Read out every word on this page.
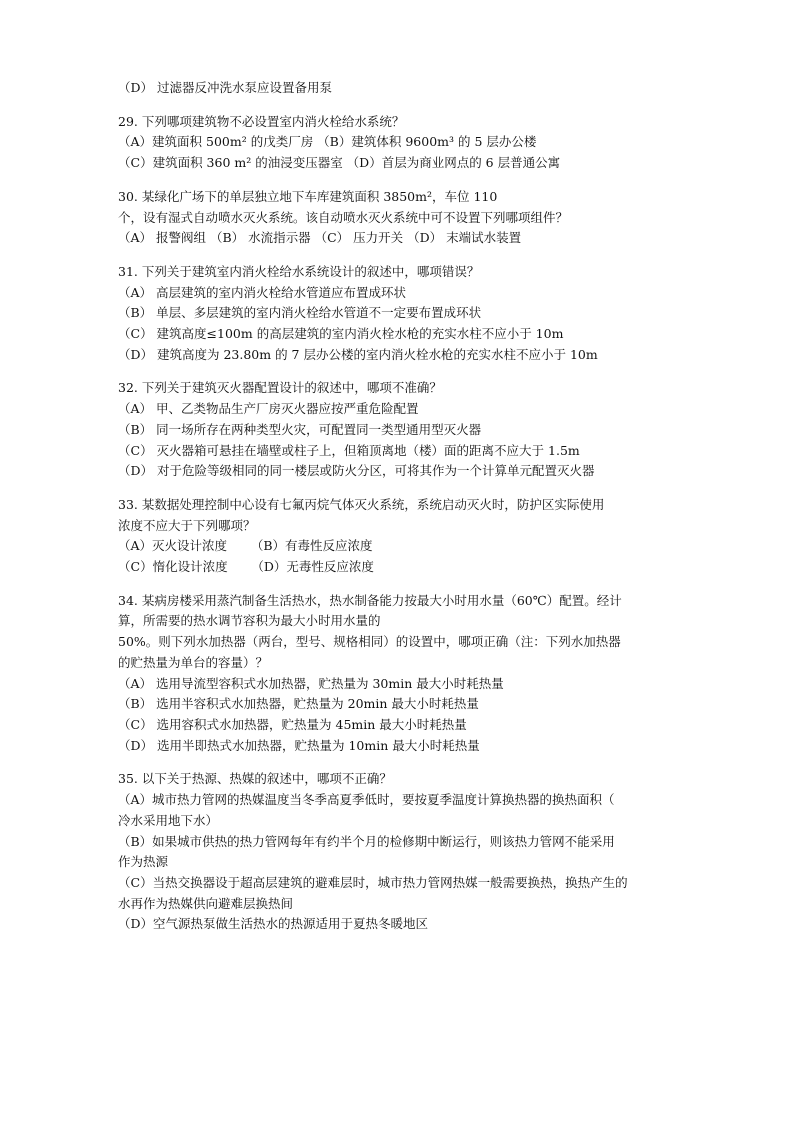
（D） 过滤器反冲洗水泵应设置备用泵
29. 下列哪项建筑物不必设置室内消火栓给水系统？
（A）建筑面积 500m² 的戊类厂房 （B）建筑体积 9600m³ 的 5 层办公楼
（C）建筑面积 360 m² 的油浸变压器室 （D）首层为商业网点的 6 层普通公寓
30. 某绿化广场下的单层独立地下车库建筑面积 3850m²，车位 110
个，设有湿式自动喷水灭火系统。该自动喷水灭火系统中可不设置下列哪项组件？
（A） 报警阀组 （B） 水流指示器 （C） 压力开关 （D） 末端试水装置
31. 下列关于建筑室内消火栓给水系统设计的叙述中，哪项错误？
（A） 高层建筑的室内消火栓给水管道应布置成环状
（B） 单层、多层建筑的室内消火栓给水管道不一定要布置成环状
（C） 建筑高度≤100m 的高层建筑的室内消火栓水枪的充实水柱不应小于 10m
（D） 建筑高度为 23.80m 的 7 层办公楼的室内消火栓水枪的充实水柱不应小于 10m
32. 下列关于建筑灭火器配置设计的叙述中，哪项不准确？
（A） 甲、乙类物品生产厂房灭火器应按严重危险配置
（B） 同一场所存在两种类型火灾，可配置同一类型通用型灭火器
（C） 灭火器箱可悬挂在墙壁或柱子上，但箱顶离地（楼）面的距离不应大于 1.5m
（D） 对于危险等级相同的同一楼层或防火分区，可将其作为一个计算单元配置灭火器
33. 某数据处理控制中心设有七氟丙烷气体灭火系统，系统启动灭火时，防护区实际使用
浓度不应大于下列哪项？
（A）灭火设计浓度      （B）有毒性反应浓度
（C）惰化设计浓度      （D）无毒性反应浓度
34. 某病房楼采用蒸汽制备生活热水，热水制备能力按最大小时用水量（60℃）配置。经计
算，所需要的热水调节容积为最大小时用水量的
50%。则下列水加热器（两台，型号、规格相同）的设置中，哪项正确（注：下列水加热器
的贮热量为单台的容量）？
（A） 选用导流型容积式水加热器，贮热量为 30min 最大小时耗热量
（B） 选用半容积式水加热器，贮热量为 20min 最大小时耗热量
（C） 选用容积式水加热器，贮热量为 45min 最大小时耗热量
（D） 选用半即热式水加热器，贮热量为 10min 最大小时耗热量
35. 以下关于热源、热媒的叙述中，哪项不正确？
（A）城市热力管网的热媒温度当冬季高夏季低时，要按夏季温度计算换热器的换热面积（
冷水采用地下水）
（B）如果城市供热的热力管网每年有约半个月的检修期中断运行，则该热力管网不能采用
作为热源
（C）当热交换器设于超高层建筑的避难层时，城市热力管网热媒一般需要换热，换热产生的
水再作为热媒供向避难层换热间
（D）空气源热泵做生活热水的热源适用于夏热冬暖地区
